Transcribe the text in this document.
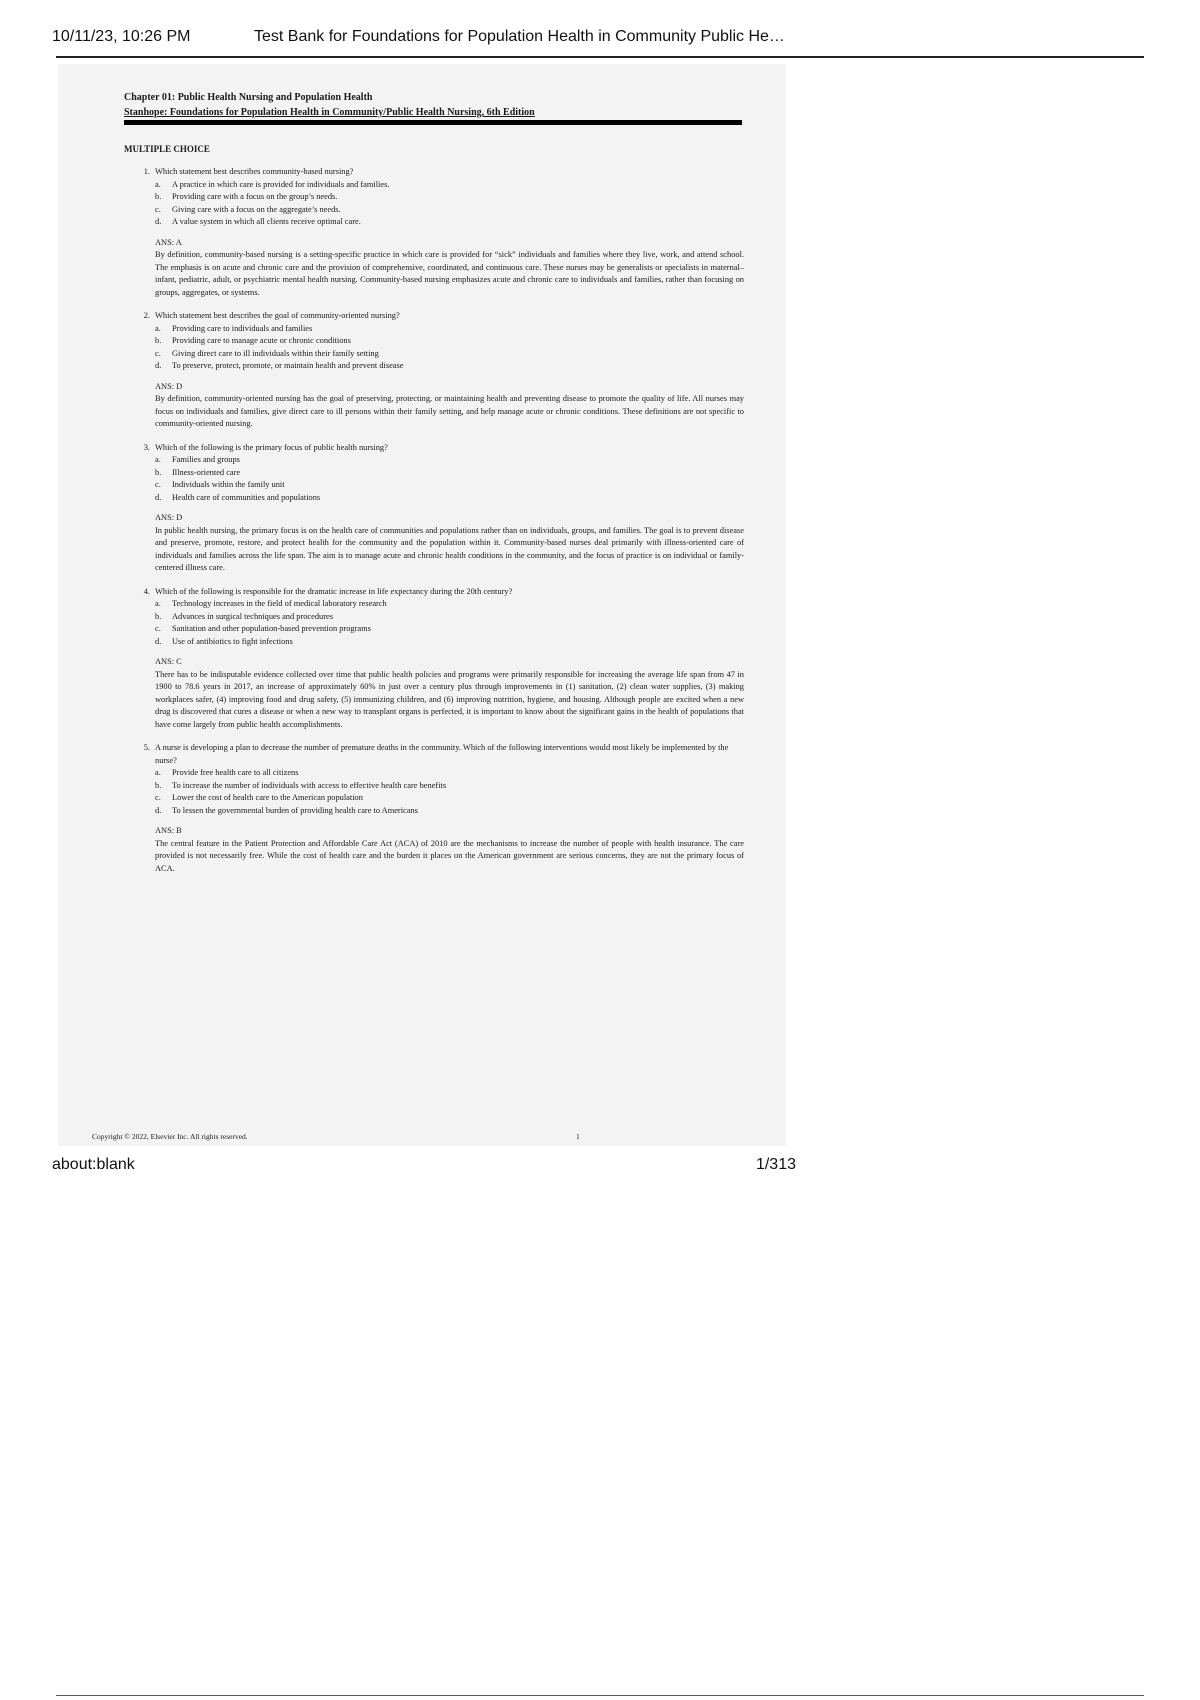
10/11/23, 10:26 PM	Test Bank for Foundations for Population Health in Community Public He…
Chapter 01: Public Health Nursing and Population Health
Stanhope: Foundations for Population Health in Community/Public Health Nursing, 6th Edition
MULTIPLE CHOICE
1. Which statement best describes community-based nursing?
a.	A practice in which care is provided for individuals and families.
b.	Providing care with a focus on the group’s needs.
c.	Giving care with a focus on the aggregate’s needs.
d.	A value system in which all clients receive optimal care.
ANS: A
By definition, community-based nursing is a setting-specific practice in which care is provided for “sick” individuals and families where they live, work, and attend school. The emphasis is on acute and chronic care and the provision of comprehensive, coordinated, and continuous care. These nurses may be generalists or specialists in maternal–infant, pediatric, adult, or psychiatric mental health nursing. Community-based nursing emphasizes acute and chronic care to individuals and families, rather than focusing on groups, aggregates, or systems.
2. Which statement best describes the goal of community-oriented nursing?
a.	Providing care to individuals and families
b.	Providing care to manage acute or chronic conditions
c.	Giving direct care to ill individuals within their family setting
d.	To preserve, protect, promote, or maintain health and prevent disease
ANS: D
By definition, community-oriented nursing has the goal of preserving, protecting, or maintaining health and preventing disease to promote the quality of life. All nurses may focus on individuals and families, give direct care to ill persons within their family setting, and help manage acute or chronic conditions. These definitions are not specific to community-oriented nursing.
3. Which of the following is the primary focus of public health nursing?
a.	Families and groups
b.	Illness-oriented care
c.	Individuals within the family unit
d.	Health care of communities and populations
ANS: D
In public health nursing, the primary focus is on the health care of communities and populations rather than on individuals, groups, and families. The goal is to prevent disease and preserve, promote, restore, and protect health for the community and the population within it. Community-based nurses deal primarily with illness-oriented care of individuals and families across the life span. The aim is to manage acute and chronic health conditions in the community, and the focus of practice is on individual or family-centered illness care.
4. Which of the following is responsible for the dramatic increase in life expectancy during the 20th century?
a.	Technology increases in the field of medical laboratory research
b.	Advances in surgical techniques and procedures
c.	Sanitation and other population-based prevention programs
d.	Use of antibiotics to fight infections
ANS: C
There has to be indisputable evidence collected over time that public health policies and programs were primarily responsible for increasing the average life span from 47 in 1900 to 78.6 years in 2017, an increase of approximately 60% in just over a century plus through improvements in (1) sanitation, (2) clean water supplies, (3) making workplaces safer, (4) improving food and drug safety, (5) immunizing children, and (6) improving nutrition, hygiene, and housing. Although people are excited when a new drug is discovered that cures a disease or when a new way to transplant organs is perfected, it is important to know about the significant gains in the health of populations that have come largely from public health accomplishments.
5. A nurse is developing a plan to decrease the number of premature deaths in the community. Which of the following interventions would most likely be implemented by the nurse?
a.	Provide free health care to all citizens
b.	To increase the number of individuals with access to effective health care benefits
c.	Lower the cost of health care to the American population
d.	To lessen the governmental burden of providing health care to Americans
ANS: B
The central feature in the Patient Protection and Affordable Care Act (ACA) of 2010 are the mechanisms to increase the number of people with health insurance. The care provided is not necessarily free. While the cost of health care and the burden it places on the American government are serious concerns, they are not the primary focus of ACA.
Copyright © 2022, Elsevier Inc. All rights reserved.	1
about:blank	1/313
